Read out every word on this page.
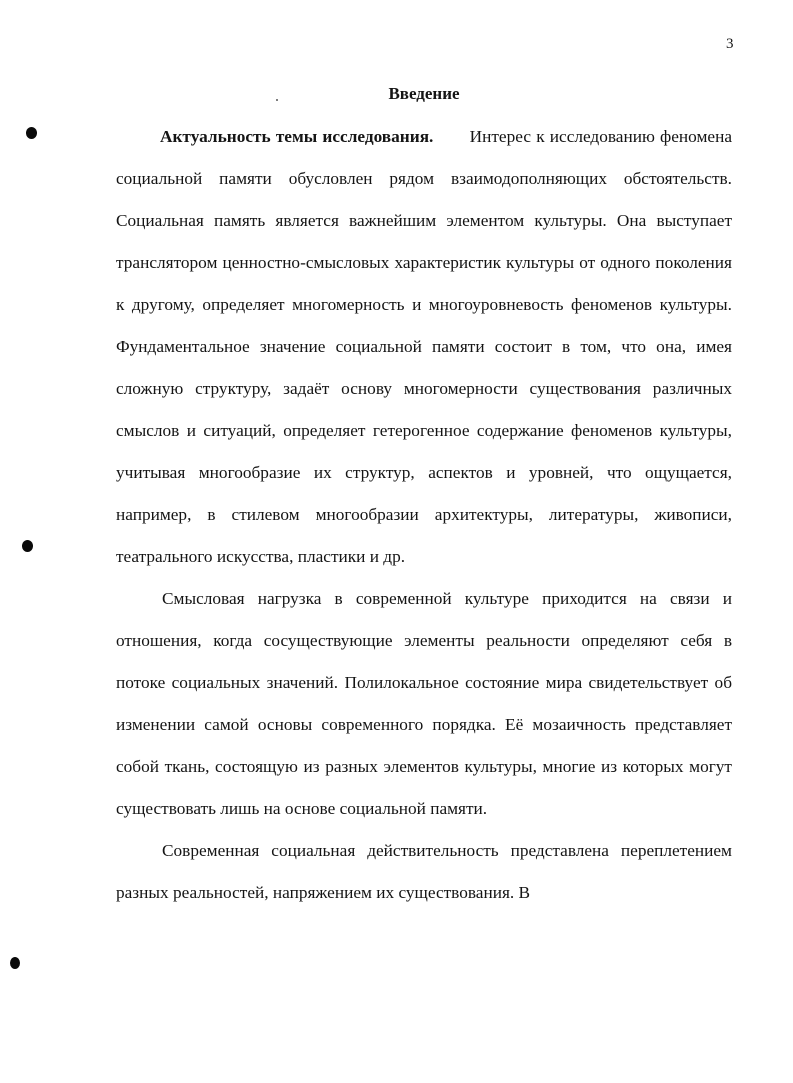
3
Введение

Актуальность темы исследования. Интерес к исследованию феномена социальной памяти обусловлен рядом взаимодополняющих обстоятельств. Социальная память является важнейшим элементом культуры. Она выступает транслятором ценностно-смысловых характеристик культуры от одного поколения к другому, определяет многомерность и многоуровневость феноменов культуры. Фундаментальное значение социальной памяти состоит в том, что она, имея сложную структуру, задаёт основу многомерности существования различных смыслов и ситуаций, определяет гетерогенное содержание феноменов культуры, учитывая многообразие их структур, аспектов и уровней, что ощущается, например, в стилевом многообразии архитектуры, литературы, живописи, театрального искусства, пластики и др.

Смысловая нагрузка в современной культуре приходится на связи и отношения, когда сосуществующие элементы реальности определяют себя в потоке социальных значений. Полилокальное состояние мира свидетельствует об изменении самой основы современного порядка. Её мозаичность представляет собой ткань, состоящую из разных элементов культуры, многие из которых могут существовать лишь на основе социальной памяти.

Современная социальная действительность представлена переплетением разных реальностей, напряжением их существования. В
